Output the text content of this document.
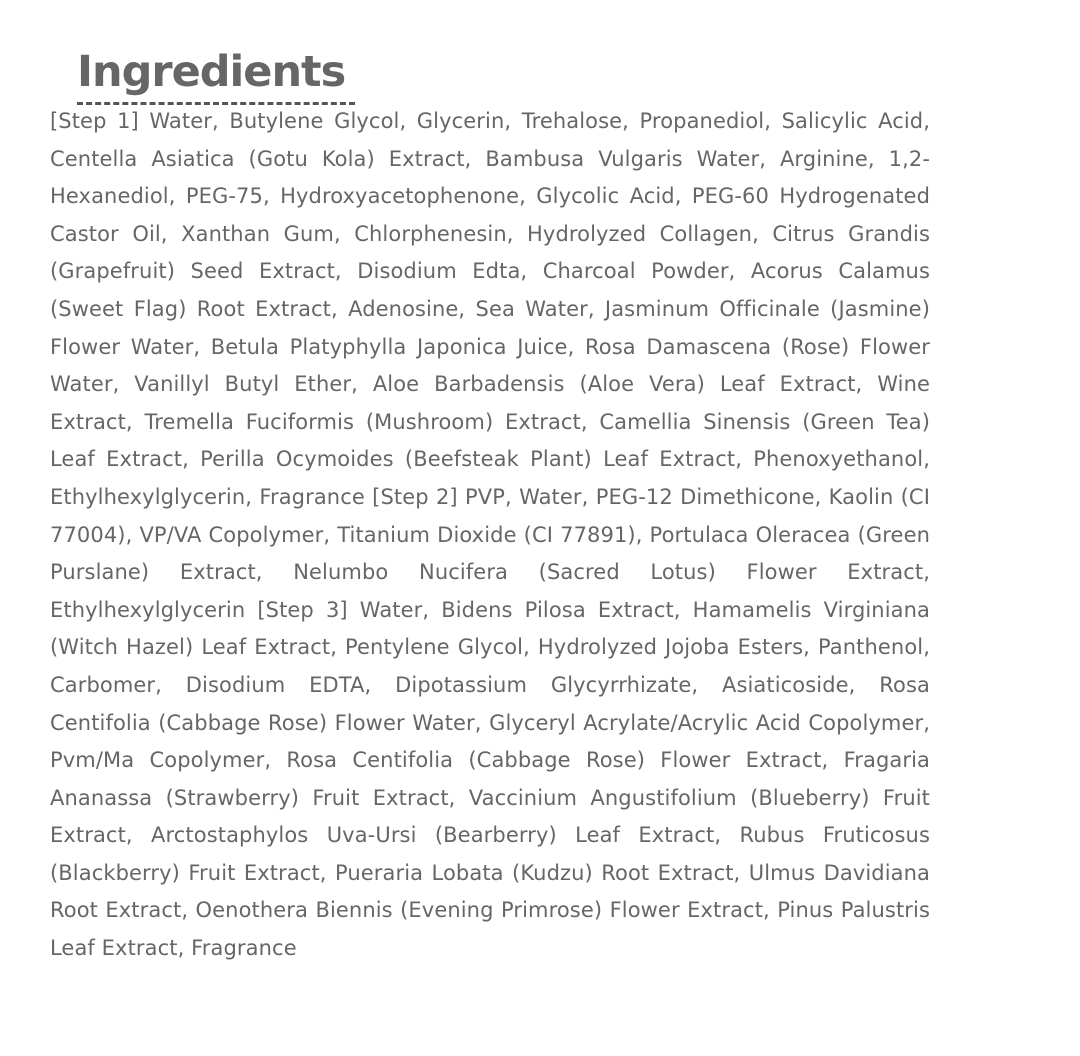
Ingredients

[Step 1] Water, Butylene Glycol, Glycerin, Trehalose, Propanediol, Salicylic Acid, Centella Asiatica (Gotu Kola) Extract, Bambusa Vulgaris Water, Arginine, 1,2-Hexanediol, PEG-75, Hydroxyacetophenone, Glycolic Acid, PEG-60 Hydrogenated Castor Oil, Xanthan Gum, Chlorphenesin, Hydrolyzed Collagen, Citrus Grandis (Grapefruit) Seed Extract, Disodium Edta, Charcoal Powder, Acorus Calamus (Sweet Flag) Root Extract, Adenosine, Sea Water, Jasminum Officinale (Jasmine) Flower Water, Betula Platyphylla Japonica Juice, Rosa Damascena (Rose) Flower Water, Vanillyl Butyl Ether, Aloe Barbadensis (Aloe Vera) Leaf Extract, Wine Extract, Tremella Fuciformis (Mushroom) Extract, Camellia Sinensis (Green Tea) Leaf Extract, Perilla Ocymoides (Beefsteak Plant) Leaf Extract, Phenoxyethanol, Ethylhexylglycerin, Fragrance [Step 2] PVP, Water, PEG-12 Dimethicone, Kaolin (CI 77004), VP/VA Copolymer, Titanium Dioxide (CI 77891), Portulaca Oleracea (Green Purslane) Extract, Nelumbo Nucifera (Sacred Lotus) Flower Extract, Ethylhexylglycerin [Step 3] Water, Bidens Pilosa Extract, Hamamelis Virginiana (Witch Hazel) Leaf Extract, Pentylene Glycol, Hydrolyzed Jojoba Esters, Panthenol, Carbomer, Disodium EDTA, Dipotassium Glycyrrhizate, Asiaticoside, Rosa Centifolia (Cabbage Rose) Flower Water, Glyceryl Acrylate/Acrylic Acid Copolymer, Pvm/Ma Copolymer, Rosa Centifolia (Cabbage Rose) Flower Extract, Fragaria Ananassa (Strawberry) Fruit Extract, Vaccinium Angustifolium (Blueberry) Fruit Extract, Arctostaphylos Uva-Ursi (Bearberry) Leaf Extract, Rubus Fruticosus (Blackberry) Fruit Extract, Pueraria Lobata (Kudzu) Root Extract, Ulmus Davidiana Root Extract, Oenothera Biennis (Evening Primrose) Flower Extract, Pinus Palustris Leaf Extract, Fragrance
